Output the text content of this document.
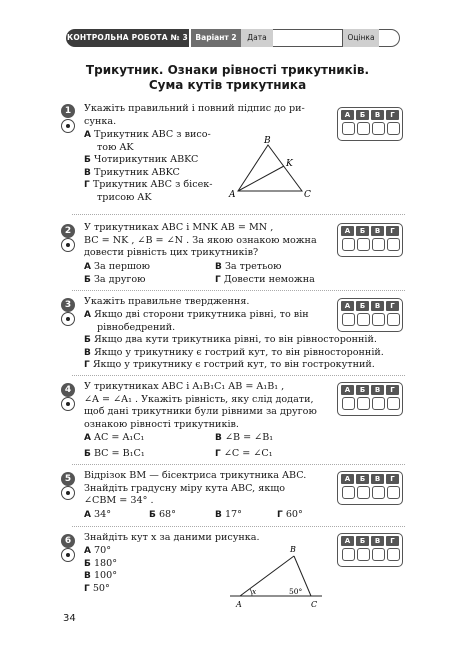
КОНТРОЛЬНА РОБОТА № 3 Варіант 2	Дата	Оцінка
Трикутник. Ознаки рівності трикутників.
Сума кутів трикутника
1	Укажіть правильний і повний підпис до ри-
сунка.
А Трикутник ABC з висо-
тою AK
Б Чотирикутник ABKC
В Трикутник ABKC
Г Трикутник ABC з бісек-
трисою AK	A
B
C
K
А	Б	В	Г
2	У трикутниках ABC і MNK AB = MN ,
BC = NK , ∠B = ∠N . За якою ознакою можна
довести рівність цих трикутників?
А За першою	В За третьою
Б За другою	Г Довести неможна
А	Б	В	Г
3	Укажіть правильне твердження.
А Якщо дві сторони трикутника рівні, то він
рівнобедрений.
Б Якщо два кути трикутника рівні, то він рівносторонній.
В Якщо у трикутнику є гострий кут, то він рівносторонній.
Г Якщо у трикутнику є гострий кут, то він гострокутний.
А	Б	В	Г
4	У трикутниках ABC і A₁B₁C₁ AB = A₁B₁ ,
∠A = ∠A₁ . Укажіть рівність, яку слід додати,
щоб дані трикутники були рівними за другою
ознакою рівності трикутників.
А AC = A₁C₁	В ∠B = ∠B₁
Б BC = B₁C₁	Г ∠C = ∠C₁
А	Б	В	Г
5	Відрізок BM — бісектриса трикутника ABC.
Знайдіть градусну міру кута ABC, якщо
∠CBM = 34° .
А 34°	Б 68°	В 17°	Г 60°
А	Б	В	Г
6	Знайдіть кут x за даними рисунка.
А 70°
Б 180°
В 100°
Г 50°	x	50°
A
B
C
А	Б	В	Г
34
